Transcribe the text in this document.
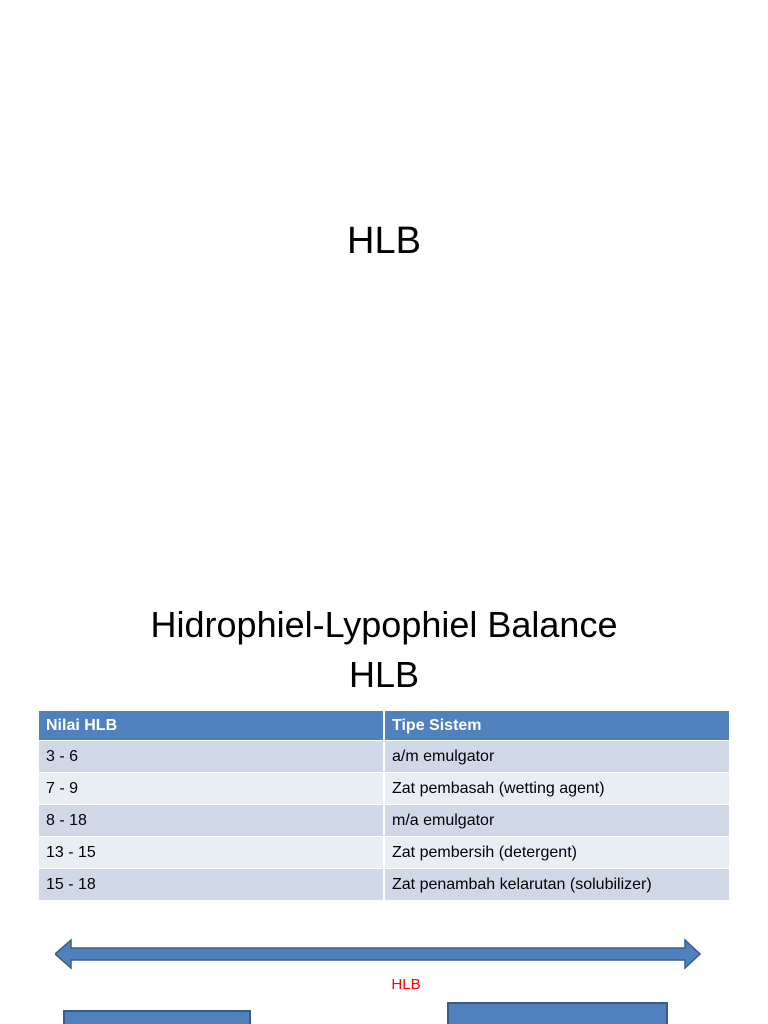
HLB
Hidrophiel-Lypophiel Balance
HLB
Nilai HLB	Tipe Sistem
3 - 6	a/m emulgator
7 - 9	Zat pembasah (wetting agent)
8 - 18	m/a emulgator
13 - 15	Zat pembersih (detergent)
15 - 18	Zat penambah kelarutan (solubilizer)
HLB
